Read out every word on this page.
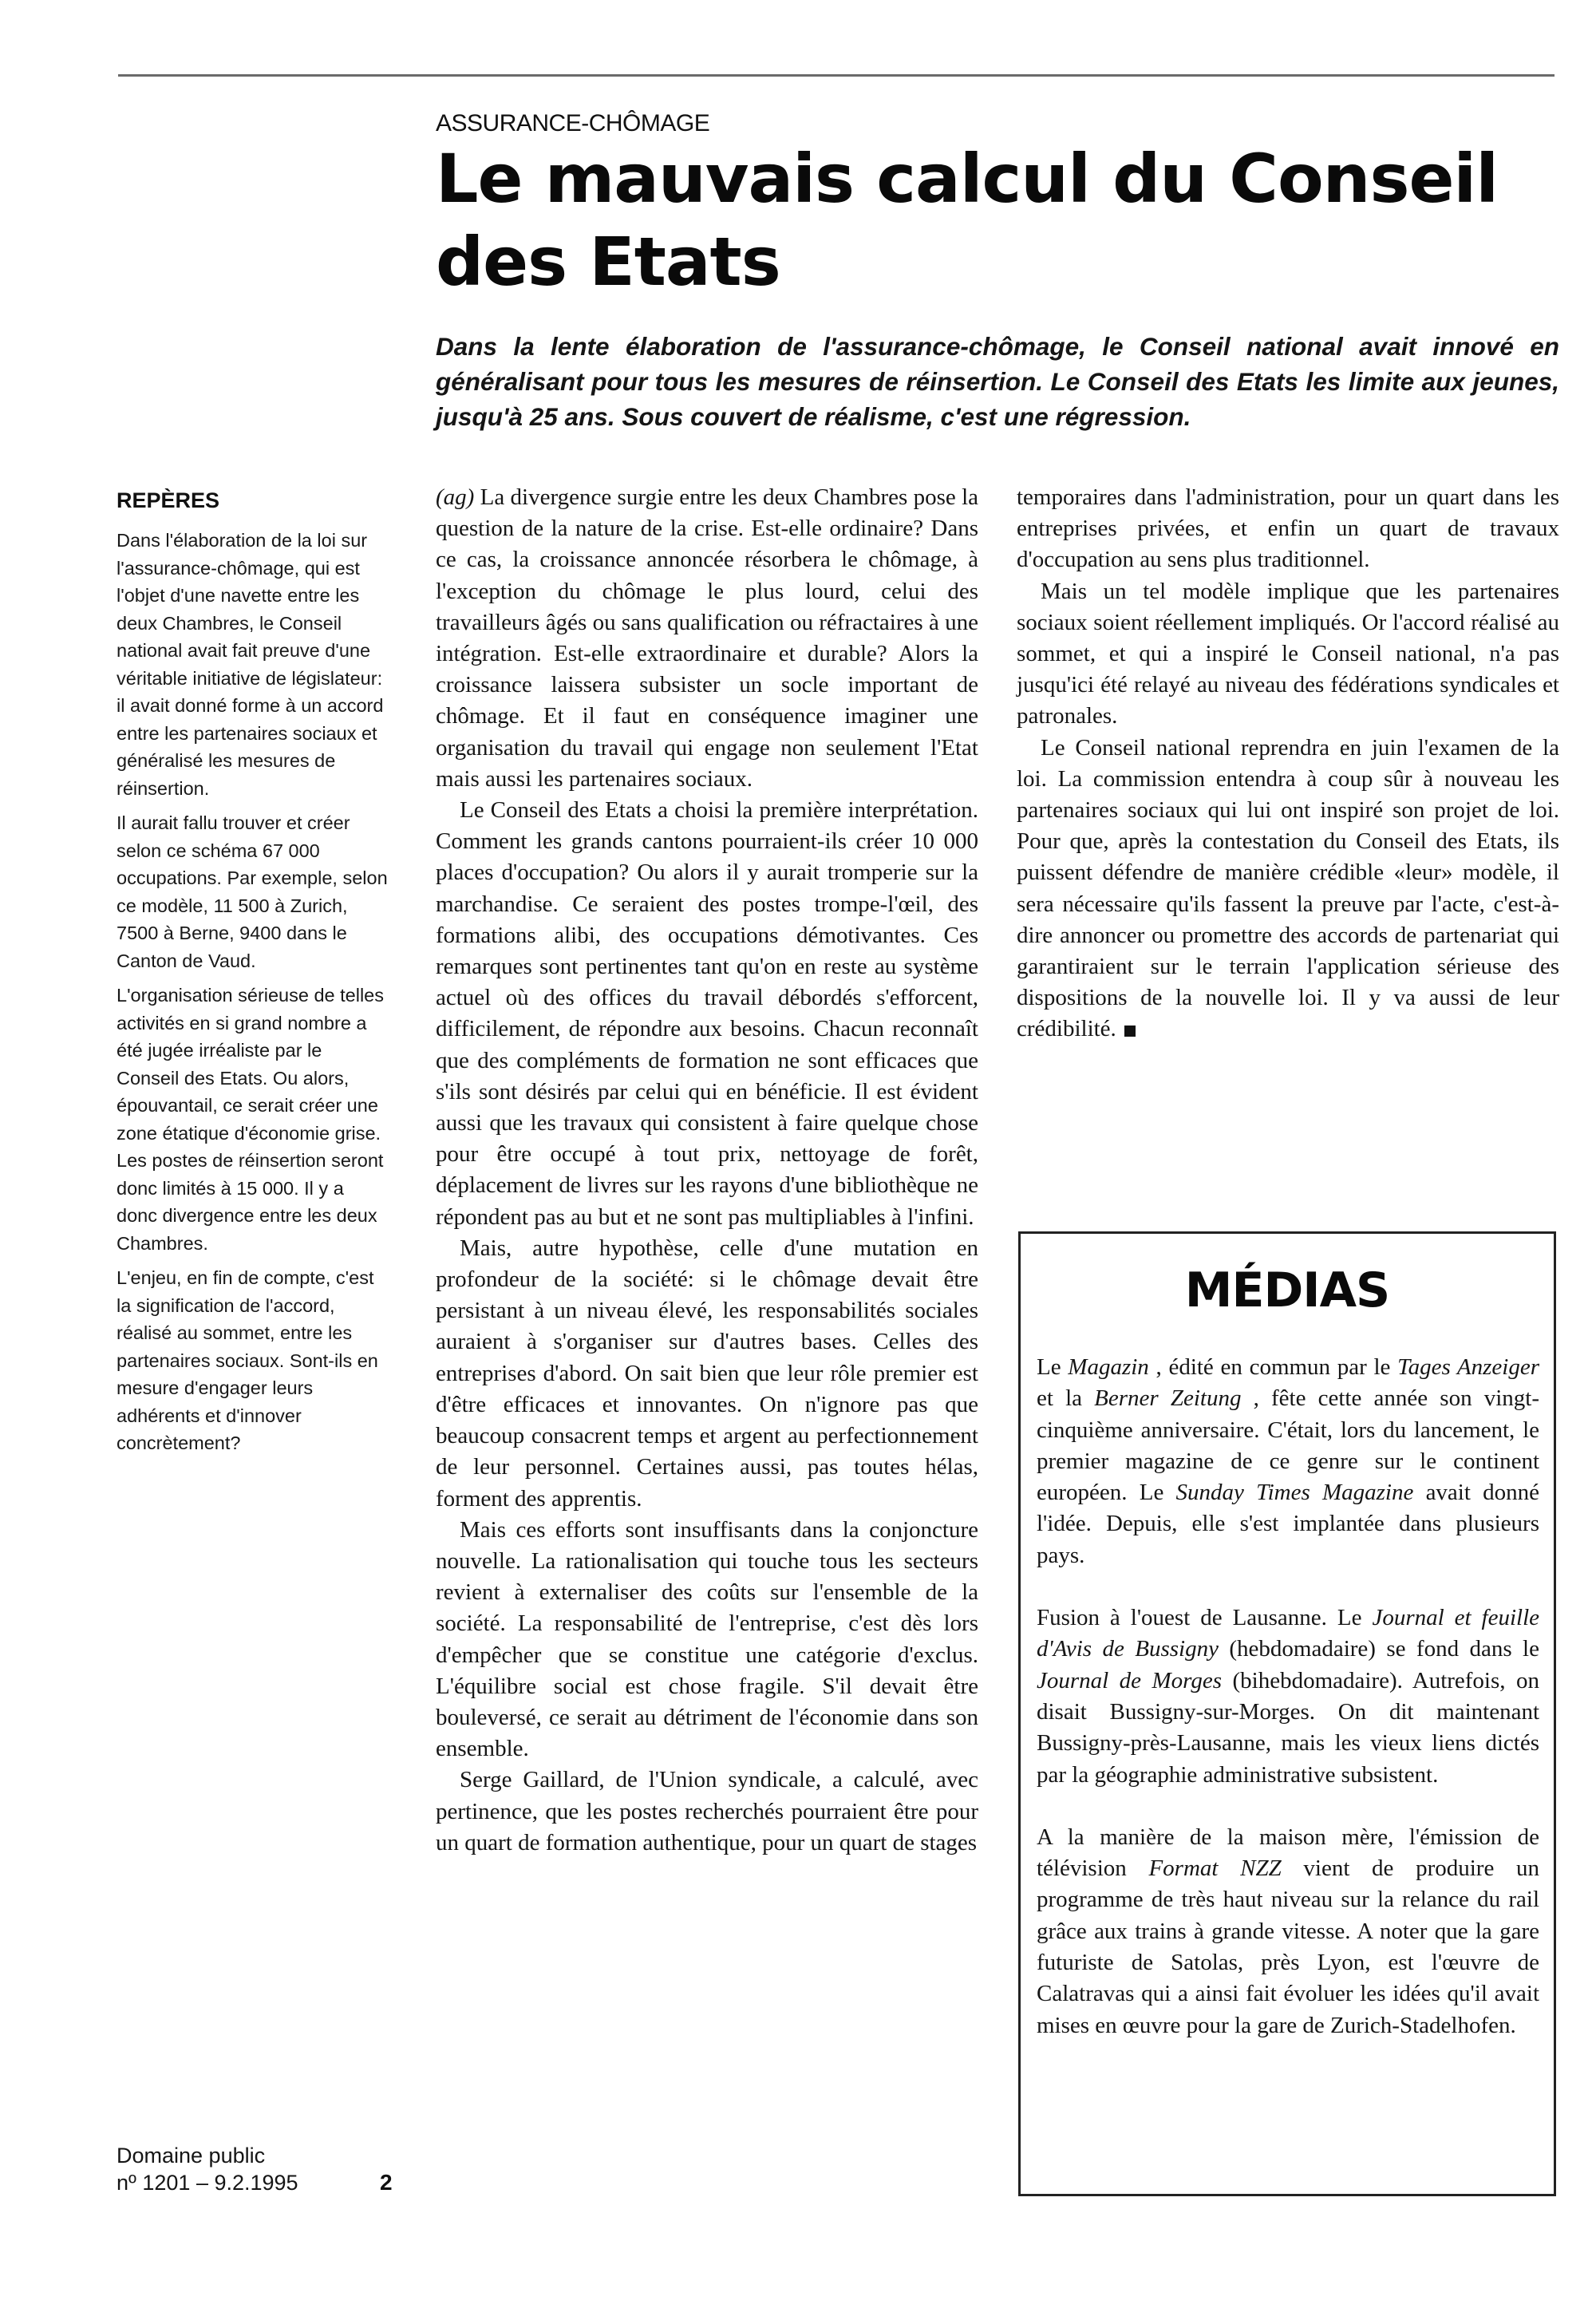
ASSURANCE-CHÔMAGE
Le mauvais calcul du Conseil des Etats

Dans la lente élaboration de l'assurance-chômage, le Conseil national avait innové en généralisant pour tous les mesures de réinsertion. Le Conseil des Etats les limite aux jeunes, jusqu'à 25 ans. Sous couvert de réalisme, c'est une régression.

REPÈRES

Dans l'élaboration de la loi sur l'assurance-chômage, qui est l'objet d'une navette entre les deux Chambres, le Conseil national avait fait preuve d'une véritable initiative de législateur: il avait donné forme à un accord entre les partenaires sociaux et généralisé les mesures de réinsertion.

Il aurait fallu trouver et créer selon ce schéma 67 000 occupations. Par exemple, selon ce modèle, 11 500 à Zurich, 7500 à Berne, 9400 dans le Canton de Vaud.

L'organisation sérieuse de telles activités en si grand nombre a été jugée irréaliste par le Conseil des Etats. Ou alors, épouvantail, ce serait créer une zone étatique d'économie grise. Les postes de réinsertion seront donc limités à 15 000. Il y a donc divergence entre les deux Chambres.

L'enjeu, en fin de compte, c'est la signification de l'accord, réalisé au sommet, entre les partenaires sociaux. Sont-ils en mesure d'engager leurs adhérents et d'innover concrètement?

(ag) La divergence surgie entre les deux Chambres pose la question de la nature de la crise. Est-elle ordinaire? Dans ce cas, la croissance annoncée résorbera le chômage, à l'exception du chômage le plus lourd, celui des travailleurs âgés ou sans qualification ou réfractaires à une intégration. Est-elle extraordinaire et durable? Alors la croissance laissera subsister un socle important de chômage. Et il faut en conséquence imaginer une organisation du travail qui engage non seulement l'Etat mais aussi les partenaires sociaux.

Le Conseil des Etats a choisi la première interprétation. Comment les grands cantons pourraient-ils créer 10 000 places d'occupation? Ou alors il y aurait tromperie sur la marchandise. Ce seraient des postes trompe-l'œil, des formations alibi, des occupations démotivantes. Ces remarques sont pertinentes tant qu'on en reste au système actuel où des offices du travail débordés s'efforcent, difficilement, de répondre aux besoins. Chacun reconnaît que des compléments de formation ne sont efficaces que s'ils sont désirés par celui qui en bénéficie. Il est évident aussi que les travaux qui consistent à faire quelque chose pour être occupé à tout prix, nettoyage de forêt, déplacement de livres sur les rayons d'une bibliothèque ne répondent pas au but et ne sont pas multipliables à l'infini.

Mais, autre hypothèse, celle d'une mutation en profondeur de la société: si le chômage devait être persistant à un niveau élevé, les responsabilités sociales auraient à s'organiser sur d'autres bases. Celles des entreprises d'abord. On sait bien que leur rôle premier est d'être efficaces et innovantes. On n'ignore pas que beaucoup consacrent temps et argent au perfectionnement de leur personnel. Certaines aussi, pas toutes hélas, forment des apprentis.

Mais ces efforts sont insuffisants dans la conjoncture nouvelle. La rationalisation qui touche tous les secteurs revient à externaliser des coûts sur l'ensemble de la société. La responsabilité de l'entreprise, c'est dès lors d'empêcher que se constitue une catégorie d'exclus. L'équilibre social est chose fragile. S'il devait être bouleversé, ce serait au détriment de l'économie dans son ensemble.

Serge Gaillard, de l'Union syndicale, a calculé, avec pertinence, que les postes recherchés pourraient être pour un quart de formation authentique, pour un quart de stages

temporaires dans l'administration, pour un quart dans les entreprises privées, et enfin un quart de travaux d'occupation au sens plus traditionnel.

Mais un tel modèle implique que les partenaires sociaux soient réellement impliqués. Or l'accord réalisé au sommet, et qui a inspiré le Conseil national, n'a pas jusqu'ici été relayé au niveau des fédérations syndicales et patronales.

Le Conseil national reprendra en juin l'examen de la loi. La commission entendra à coup sûr à nouveau les partenaires sociaux qui lui ont inspiré son projet de loi. Pour que, après la contestation du Conseil des Etats, ils puissent défendre de manière crédible «leur» modèle, il sera nécessaire qu'ils fassent la preuve par l'acte, c'est-à-dire annoncer ou promettre des accords de partenariat qui garantiraient sur le terrain l'application sérieuse des dispositions de la nouvelle loi. Il y va aussi de leur crédibilité.

MÉDIAS

Le Magazin , édité en commun par le Tages Anzeiger et la Berner Zeitung , fête cette année son vingt-cinquième anniversaire. C'était, lors du lancement, le premier magazine de ce genre sur le continent européen. Le Sunday Times Magazine avait donné l'idée. Depuis, elle s'est implantée dans plusieurs pays.

Fusion à l'ouest de Lausanne. Le Journal et feuille d'Avis de Bussigny (hebdomadaire) se fond dans le Journal de Morges (bihebdomadaire). Autrefois, on disait Bussigny-sur-Morges. On dit maintenant Bussigny-près-Lausanne, mais les vieux liens dictés par la géographie administrative subsistent.

A la manière de la maison mère, l'émission de télévision Format NZZ vient de produire un programme de très haut niveau sur la relance du rail grâce aux trains à grande vitesse. A noter que la gare futuriste de Satolas, près Lyon, est l'œuvre de Calatravas qui a ainsi fait évoluer les idées qu'il avait mises en œuvre pour la gare de Zurich-Stadelhofen.

Domaine public
nº 1201 – 9.2.1995	2
